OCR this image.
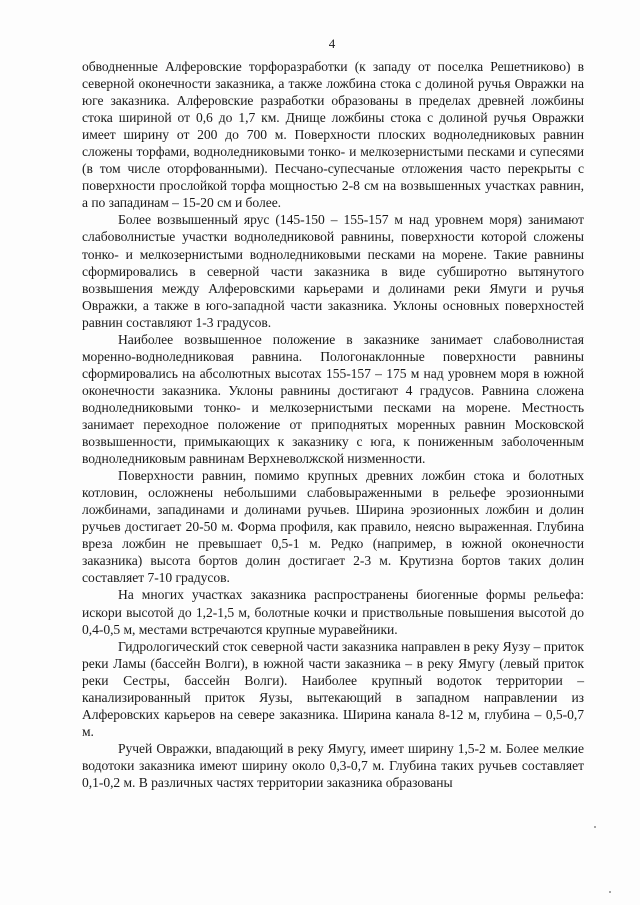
4

обводненные Алферовские торфоразработки (к западу от поселка Решетниково) в северной оконечности заказника, а также ложбина стока с долиной ручья Овражки на юге заказника. Алферовские разработки образованы в пределах древней ложбины стока шириной от 0,6 до 1,7 км. Днище ложбины стока с долиной ручья Овражки имеет ширину от 200 до 700 м. Поверхности плоских водноледниковых равнин сложены торфами, водноледниковыми тонко- и мелкозернистыми песками и супесями (в том числе оторфованными). Песчано-супесчаные отложения часто перекрыты с поверхности прослойкой торфа мощностью 2-8 см на возвышенных участках равнин, а по западинам – 15-20 см и более.

Более возвышенный ярус (145-150 – 155-157 м над уровнем моря) занимают слабоволнистые участки водноледниковой равнины, поверхности которой сложены тонко- и мелкозернистыми водноледниковыми песками на морене. Такие равнины сформировались в северной части заказника в виде субширотно вытянутого возвышения между Алферовскими карьерами и долинами реки Ямуги и ручья Овражки, а также в юго-западной части заказника. Уклоны основных поверхностей равнин составляют 1-3 градусов.

Наиболее возвышенное положение в заказнике занимает слабоволнистая моренно-водноледниковая равнина. Пологонаклонные поверхности равнины сформировались на абсолютных высотах 155-157 – 175 м над уровнем моря в южной оконечности заказника. Уклоны равнины достигают 4 градусов. Равнина сложена водноледниковыми тонко- и мелкозернистыми песками на морене. Местность занимает переходное положение от приподнятых моренных равнин Московской возвышенности, примыкающих к заказнику с юга, к пониженным заболоченным водноледниковым равнинам Верхневолжской низменности.

Поверхности равнин, помимо крупных древних ложбин стока и болотных котловин, осложнены небольшими слабовыраженными в рельефе эрозионными ложбинами, западинами и долинами ручьев. Ширина эрозионных ложбин и долин ручьев достигает 20-50 м. Форма профиля, как правило, неясно выраженная. Глубина вреза ложбин не превышает 0,5-1 м. Редко (например, в южной оконечности заказника) высота бортов долин достигает 2-3 м. Крутизна бортов таких долин составляет 7-10 градусов.

На многих участках заказника распространены биогенные формы рельефа: искори высотой до 1,2-1,5 м, болотные кочки и приствольные повышения высотой до 0,4-0,5 м, местами встречаются крупные муравейники.

Гидрологический сток северной части заказника направлен в реку Яузу – приток реки Ламы (бассейн Волги), в южной части заказника – в реку Ямугу (левый приток реки Сестры, бассейн Волги). Наиболее крупный водоток территории – канализированный приток Яузы, вытекающий в западном направлении из Алферовских карьеров на севере заказника. Ширина канала 8-12 м, глубина – 0,5-0,7 м.

Ручей Овражки, впадающий в реку Ямугу, имеет ширину 1,5-2 м. Более мелкие водотоки заказника имеют ширину около 0,3-0,7 м. Глубина таких ручьев составляет 0,1-0,2 м. В различных частях территории заказника образованы
